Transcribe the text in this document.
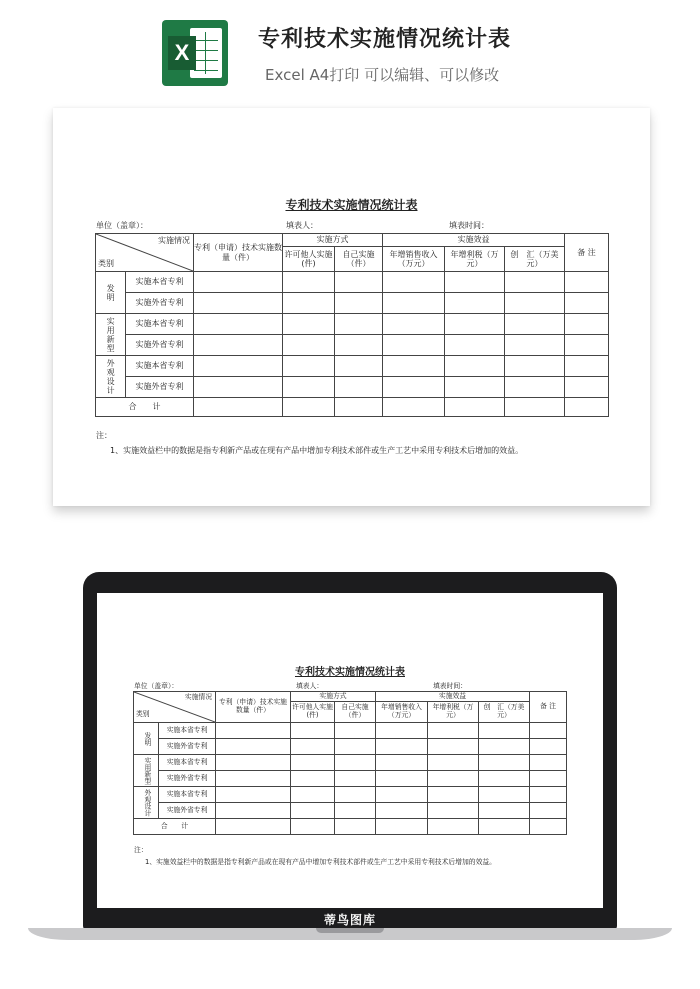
X
专利技术实施情况统计表
Excel A4打印 可以编辑、可以修改
专利技术实施情况统计表
单位（盖章）：	填表人：	填表时间：
实施情况
类别		专利（申请）技术实施数量（件）	实施方式		实施效益			备 注
			许可他人实施(件)	自己实施（件）	年增销售收入（万元）	年增利税（万元）	创　汇（万美元）	

发明	实施本省专利							
	实施外省专利							

实用新型	实施本省专利							
	实施外省专利							

外观设计	实施本省专利							
	实施外省专利							
合　　计								
注：
1、实施效益栏中的数据是指专利新产品或在现有产品中增加专利技术部件或生产工艺中采用专利技术后增加的效益。
专利技术实施情况统计表
单位（盖章）：	填表人：	填表时间：
实施情况
类别		专利（申请）技术实施数量（件）	实施方式		实施效益			备 注
			许可他人实施(件)	自己实施（件）	年增销售收入（万元）	年增利税（万元）	创　汇（万美元）	

发明	实施本省专利							
	实施外省专利							

实用新型	实施本省专利							
	实施外省专利							

外观设计	实施本省专利							
	实施外省专利							
合　　计								
注：
1、实施效益栏中的数据是指专利新产品或在现有产品中增加专利技术部件或生产工艺中采用专利技术后增加的效益。
蒂鸟图库
